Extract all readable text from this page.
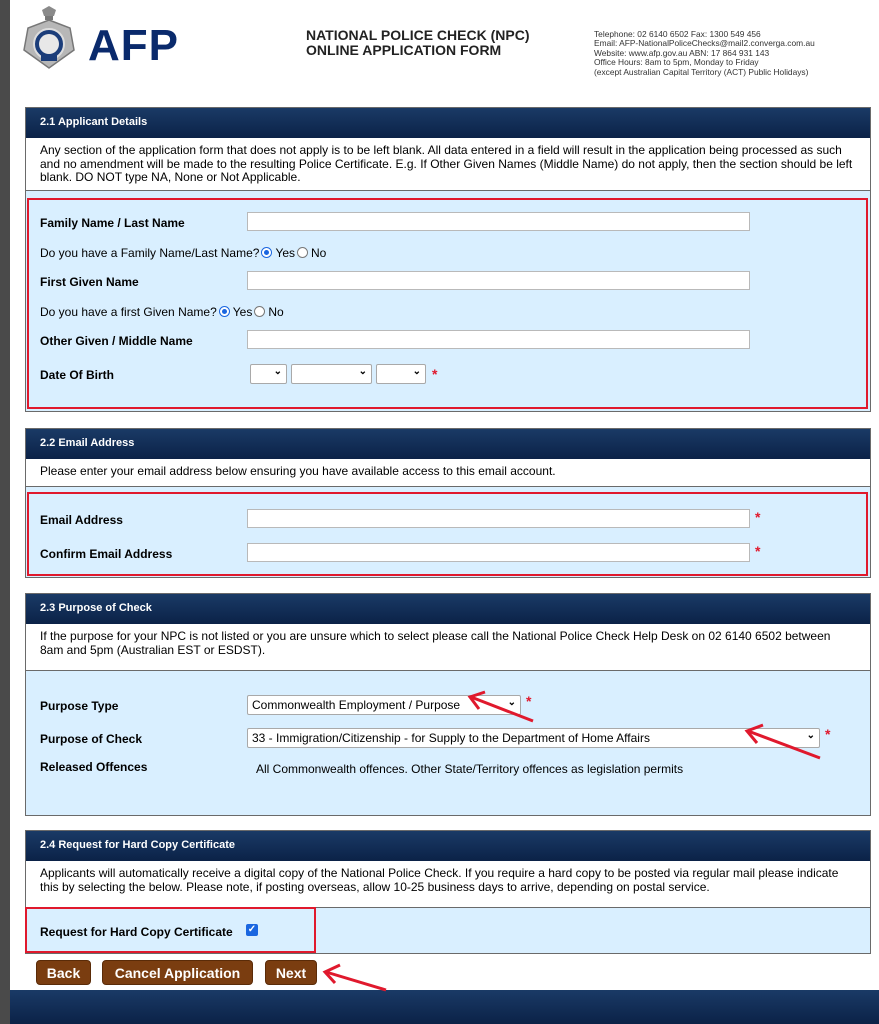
AFP	NATIONAL POLICE CHECK (NPC)
ONLINE APPLICATION FORM
Telephone: 02 6140 6502 Fax: 1300 549 456
Email: AFP-NationalPoliceChecks@mail2.converga.com.au
Website: www.afp.gov.au ABN: 17 864 931 143
Office Hours: 8am to 5pm, Monday to Friday
(except Australian Capital Territory (ACT) Public Holidays)
2.1 Applicant Details
Any section of the application form that does not apply is to be left blank. All data entered in a field will result in the application being processed as such and no amendment will be made to the resulting Police Certificate. E.g. If Other Given Names (Middle Name) do not apply, then the section should be left blank. DO NOT type NA, None or Not Applicable.
Family Name / Last Name
Do you have a Family Name/Last Name? Yes No
First Given Name
Do you have a first Given Name? Yes No
Other Given / Middle Name
Date Of Birth	⌄	⌄	⌄ *
2.2 Email Address
Please enter your email address below ensuring you have available access to this email account.
Email Address	*
Confirm Email Address	*
2.3 Purpose of Check
If the purpose for your NPC is not listed or you are unsure which to select please call the National Police Check Help Desk on 02 6140 6502 between 8am and 5pm (Australian EST or ESDST).
Purpose Type	Commonwealth Employment / Purpose	⌄ *
Purpose of Check	33 - Immigration/Citizenship - for Supply to the Department of Home Affairs	⌄ *
Released Offences	All Commonwealth offences. Other State/Territory offences as legislation permits
2.4 Request for Hard Copy Certificate
Applicants will automatically receive a digital copy of the National Police Check. If you require a hard copy to be posted via regular mail please indicate this by selecting the below. Please note, if posting overseas, allow 10-25 business days to arrive, depending on postal service.
Request for Hard Copy Certificate ✓
Back	Cancel Application	Next
